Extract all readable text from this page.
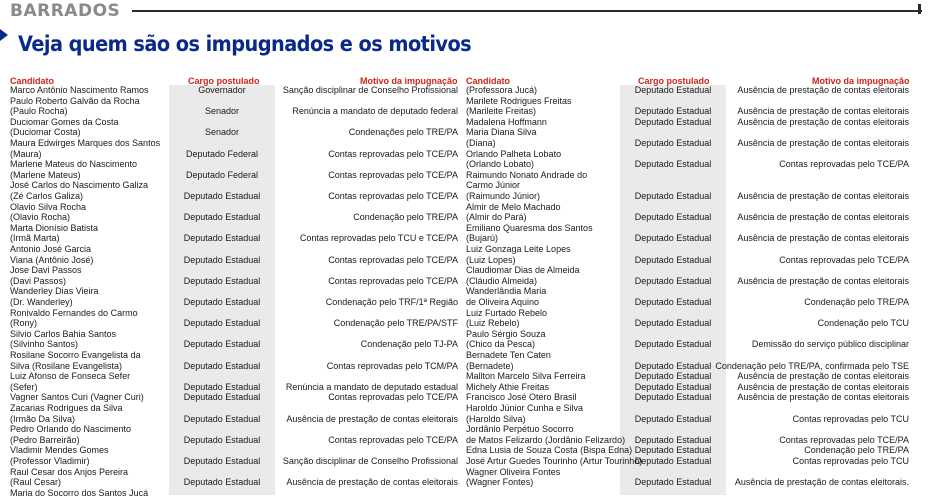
BARRADOS
Veja quem são os impugnados e os motivos
Candidato	Cargo postulado	Motivo da impugnação Candidato	Cargo postulado	Motivo da impugnação
Marco Antônio Nascimento Ramos	Governador	Sanção disciplinar de Conselho Profissional
Paulo Roberto Galvão da Rocha
(Paulo Rocha)	Senador	Renúncia a mandato de deputado federal
Duciomar Gomes da Costa
(Duciomar Costa)	Senador	Condenações pelo TRE/PA
Maura Edwirges Marques dos Santos
(Maura)	Deputado Federal	Contas reprovadas pelo TCE/PA
Marlene Mateus do Nascimento
(Marlene Mateus)	Deputado Federal	Contas reprovadas pelo TCE/PA
José Carlos do Nascimento Galiza
(Zé Carlos Galiza)	Deputado Estadual	Contas reprovadas pelo TCE/PA
Olavio Silva Rocha
(Olavio Rocha)	Deputado Estadual	Condenação pelo TRE/PA
Marta Dionísio Batista
(Irmã Marta)	Deputado Estadual	Contas reprovadas pelo TCU e TCE/PA
Antonio José Garcia
Viana (Antônio José)	Deputado Estadual	Contas reprovadas pelo TCE/PA
Jose Davi Passos
(Davi Passos)	Deputado Estadual	Contas reprovadas pelo TCE/PA
Wanderley Dias Vieira
(Dr. Wanderley)	Deputado Estadual	Condenação pelo TRF/1ª Região
Ronivaldo Fernandes do Carmo
(Rony)	Deputado Estadual	Condenação pelo TRE/PA/STF
Silvio Carlos Bahia Santos
(Silvinho Santos)	Deputado Estadual	Condenação pelo TJ-PA
Rosilane Socorro Evangelista da
Silva (Rosilane Evangelista)	Deputado Estadual	Contas reprovadas pelo TCM/PA
Luiz Afonso de Fonseca Sefer
(Sefer)	Deputado Estadual	Renúncia a mandato de deputado estadual
Vagner Santos Curi (Vagner Curi)	Deputado Estadual	Contas reprovadas pelo TCE/PA
Zacarias Rodrigues da Silva
(Irmão Da Silva)	Deputado Estadual	Ausência de prestação de contas eleitorais
Pedro Orlando do Nascimento
(Pedro Barreirão)	Deputado Estadual	Contas reprovadas pelo TCE/PA
Vladimir Mendes Gomes
(Professor Vladimir)	Deputado Estadual	Sanção disciplinar de Conselho Profissional
Raul Cesar dos Anjos Pereira
(Raul Cesar)	Deputado Estadual	Ausência de prestação de contas eleitorais
Maria do Socorro dos Santos Jucá
(Professora Jucá)	Deputado Estadual	Ausência de prestação de contas eleitorais
Marilete Rodrigues Freitas
(Marileite Freitas)	Deputado Estadual	Ausência de prestação de contas eleitorais
Madalena Hoffmann	Deputado Estadual	Ausência de prestação de contas eleitorais
Maria Diana Silva
(Diana)	Deputado Estadual	Ausência de prestação de contas eleitorais
Orlando Palheta Lobato
(Orlando Lobato)	Deputado Estadual	Contas reprovadas pelo TCE/PA
Raimundo Nonato Andrade do
Carmo Júnior
(Raimundo Júnior)	Deputado Estadual	Ausência de prestação de contas eleitorais
Almir de Melo Machado
(Almir do Pará)	Deputado Estadual	Ausência de prestação de contas eleitorais
Emiliano Quaresma dos Santos
(Bujarú)	Deputado Estadual	Ausência de prestação de contas eleitorais
Luiz Gonzaga Leite Lopes
(Luiz Lopes)	Deputado Estadual	Contas reprovadas pelo TCE/PA
Claudiomar Dias de Almeida
(Cláudio Almeida)	Deputado Estadual	Ausência de prestação de contas eleitorais
Wanderlândia Maria
de Oliveira Aquino	Deputado Estadual	Condenação pelo TRE/PA
Luiz Furtado Rebelo
(Luiz Rebelo)	Deputado Estadual	Condenação pelo TCU
Paulo Sérgio Souza
(Chico da Pesca)	Deputado Estadual	Demissão do serviço público disciplinar
Bernadete Ten Caten
(Bernadete)	Deputado Estadual Condenação pelo TRE/PA, confirmada pelo TSE
Mallton Marcelo Silva Ferreira	Deputado Estadual	Ausência de prestação de contas eleitorais
Michely Athie Freitas	Deputado Estadual	Ausência de prestação de contas eleitorais
Francisco José Otero Brasil	Deputado Estadual	Ausência de prestação de contas eleitorais
Haroldo Júnior Cunha e Silva
(Haroldo Silva)	Deputado Estadual	Contas reprovadas pelo TCU
Jordânio Perpétuo Socorro
de Matos Felizardo (Jordânio Felizardo)	Deputado Estadual	Contas reprovadas pelo TCE/PA
Edna Lusia de Souza Costa (Bispa Edna) Deputado Estadual	Condenação pelo TRE/PA
José Artur Guedes Tourinho (Artur Tourinho)
Deputado Estadual	Contas reprovadas pelo TCU
Wagner Oliveira Fontes
(Wagner Fontes)	Deputado Estadual	Ausência de prestação de contas eleitorais.
